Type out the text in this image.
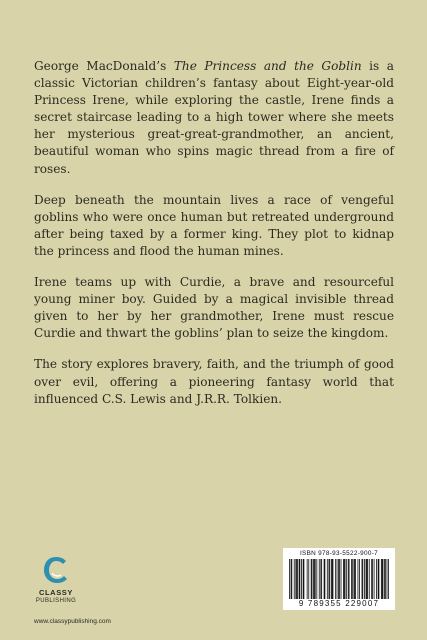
George MacDonald’s The Princess and the Goblin is a classic Victorian children’s fantasy about Eight-year-old Princess Irene, while exploring the castle, Irene finds a secret staircase leading to a high tower where she meets her mysterious great-great-grandmother, an ancient, beautiful woman who spins magic thread from a fire of roses.

Deep beneath the mountain lives a race of vengeful goblins who were once human but retreated underground after being taxed by a former king. They plot to kidnap the princess and flood the human mines.

Irene teams up with Curdie, a brave and resourceful young miner boy. Guided by a magical invisible thread given to her by her grandmother, Irene must rescue Curdie and thwart the goblins’ plan to seize the kingdom.

The story explores bravery, faith, and the triumph of good over evil, offering a pioneering fantasy world that influenced C.S. Lewis and J.R.R. Tolkien.

CLASSY
PUBLISHING
www.classypublishing.com
ISBN 978-93-5522-900-7
9 789355 229007
